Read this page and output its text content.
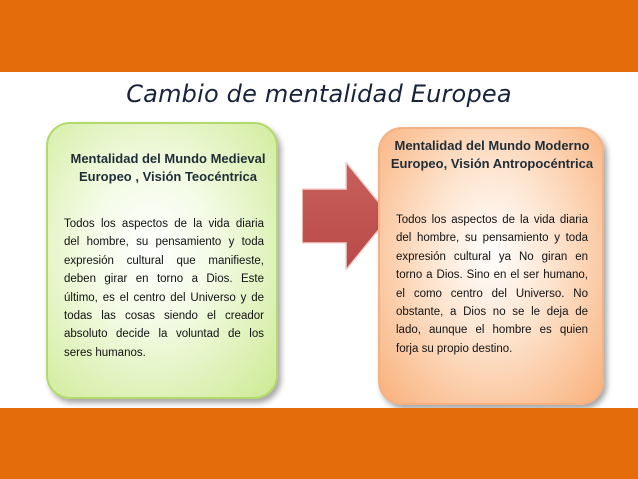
Cambio de mentalidad Europea
Mentalidad del Mundo Medieval Europeo , Visión Teocéntrica
Todos los aspectos de la vida diaria del hombre, su pensamiento y toda expresión cultural que manifieste, deben girar en torno a Dios. Este último, es el centro del Universo y de todas las cosas siendo el creador absoluto decide la voluntad de los seres humanos.
Mentalidad del Mundo Moderno Europeo, Visión Antropocéntrica
Todos los aspectos de la vida diaria del hombre, su pensamiento y toda expresión cultural ya No giran en torno a Dios. Sino en el ser humano, el como centro del Universo. No obstante, a Dios no se le deja de lado, aunque el hombre es quien forja su propio destino.
